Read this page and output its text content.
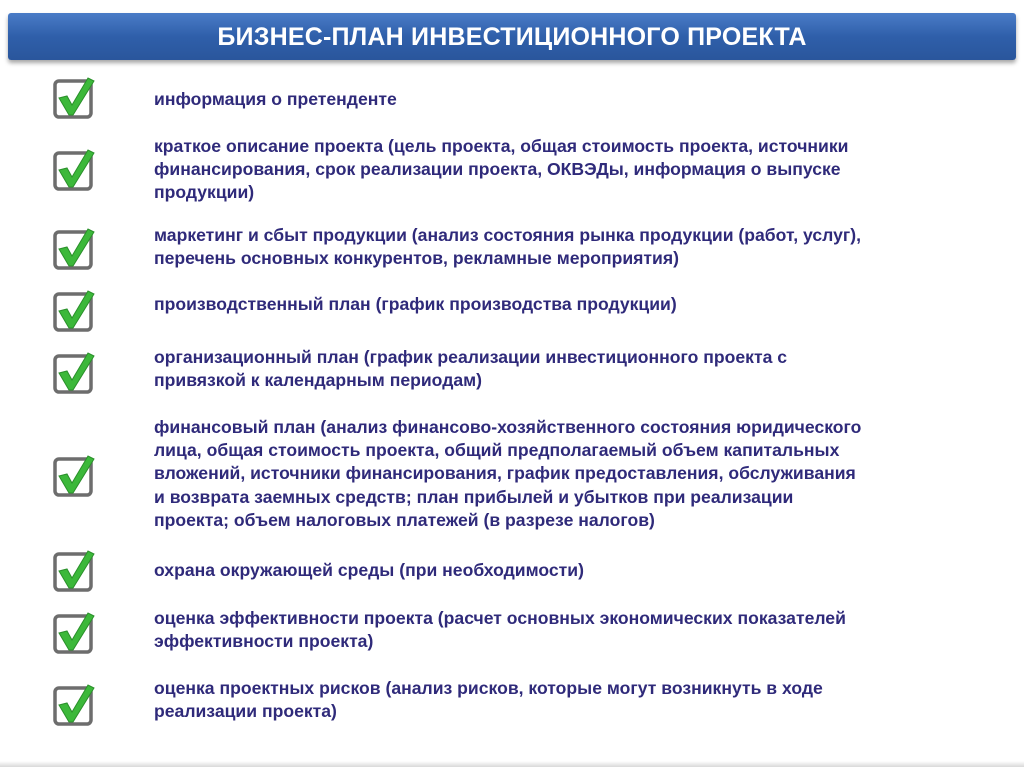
БИЗНЕС-ПЛАН ИНВЕСТИЦИОННОГО ПРОЕКТА

информация о претенденте

краткое описание проекта (цель проекта, общая стоимость проекта, источники
финансирования, срок реализации проекта, ОКВЭДы, информация о выпуске
продукции)

маркетинг и сбыт продукции (анализ состояния рынка продукции (работ, услуг),
перечень основных конкурентов, рекламные мероприятия)

производственный план (график производства продукции)

организационный план (график реализации инвестиционного проекта с
привязкой к календарным периодам)

финансовый план (анализ финансово-хозяйственного состояния юридического
лица, общая стоимость проекта, общий предполагаемый объем капитальных
вложений, источники финансирования, график предоставления, обслуживания
и возврата заемных средств; план прибылей и убытков при реализации
проекта; объем налоговых платежей (в разрезе налогов)

охрана окружающей среды (при необходимости)

оценка эффективности проекта (расчет основных экономических показателей
эффективности проекта)

оценка проектных рисков (анализ рисков, которые могут возникнуть в ходе
реализации проекта)
